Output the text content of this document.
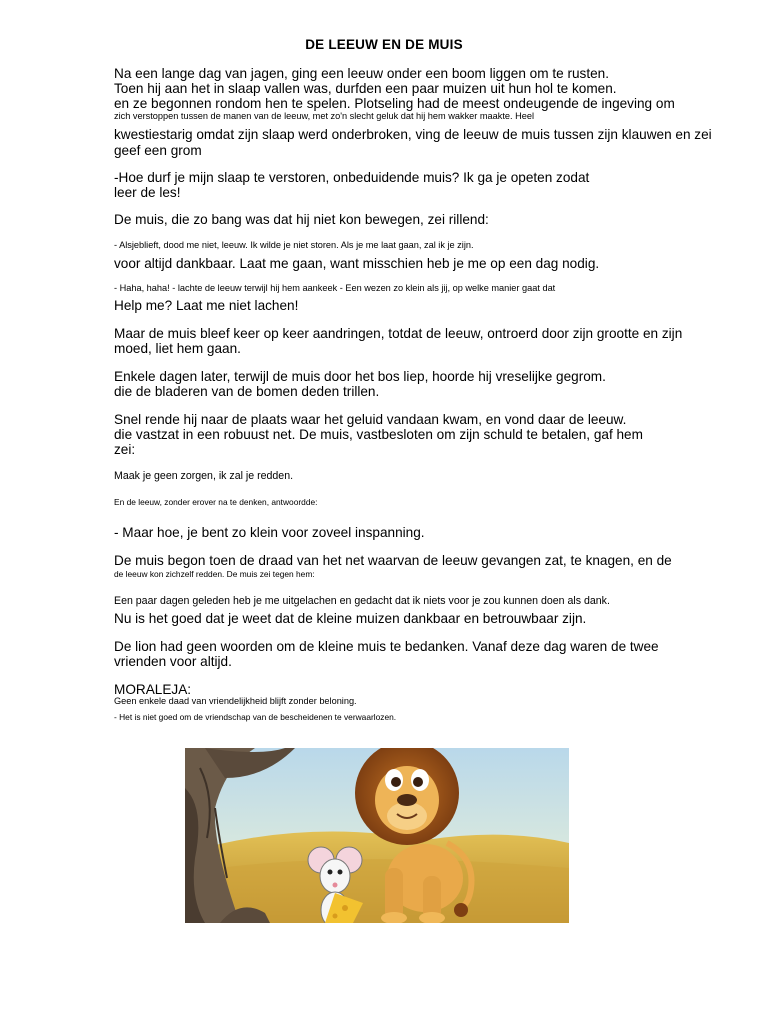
DE LEEUW EN DE MUIS
Na een lange dag van jagen, ging een leeuw onder een boom liggen om te rusten.
Toen hij aan het in slaap vallen was, durfden een paar muizen uit hun hol te komen.
en ze begonnen rondom hen te spelen. Plotseling had de meest ondeugende de ingeving om
zich verstoppen tussen de manen van de leeuw, met zo'n slecht geluk dat hij hem wakker maakte. Heel
kwestiestarig omdat zijn slaap werd onderbroken, ving de leeuw de muis tussen zijn klauwen en zei
geef een grom
-Hoe durf je mijn slaap te verstoren, onbeduidende muis? Ik ga je opeten zodat
leer de les!
De muis, die zo bang was dat hij niet kon bewegen, zei rillend:
- Alsjeblieft, dood me niet, leeuw. Ik wilde je niet storen. Als je me laat gaan, zal ik je zijn.
voor altijd dankbaar. Laat me gaan, want misschien heb je me op een dag nodig.
- Haha, haha! - lachte de leeuw terwijl hij hem aankeek - Een wezen zo klein als jij, op welke manier gaat dat
Help me? Laat me niet lachen!
Maar de muis bleef keer op keer aandringen, totdat de leeuw, ontroerd door zijn grootte en zijn
moed, liet hem gaan.
Enkele dagen later, terwijl de muis door het bos liep, hoorde hij vreselijke gegrom.
die de bladeren van de bomen deden trillen.
Snel rende hij naar de plaats waar het geluid vandaan kwam, en vond daar de leeuw.
die vastzat in een robuust net. De muis, vastbesloten om zijn schuld te betalen, gaf hem
zei:
Maak je geen zorgen, ik zal je redden.
En de leeuw, zonder erover na te denken, antwoordde:
- Maar hoe, je bent zo klein voor zoveel inspanning.
De muis begon toen de draad van het net waarvan de leeuw gevangen zat, te knagen, en de
de leeuw kon zichzelf redden. De muis zei tegen hem:
Een paar dagen geleden heb je me uitgelachen en gedacht dat ik niets voor je zou kunnen doen als dank.
Nu is het goed dat je weet dat de kleine muizen dankbaar en betrouwbaar zijn.
De lion had geen woorden om de kleine muis te bedanken. Vanaf deze dag waren de twee
vrienden voor altijd.
MORALEJA:
Geen enkele daad van vriendelijkheid blijft zonder beloning.
- Het is niet goed om de vriendschap van de bescheidenen te verwaarlozen.
